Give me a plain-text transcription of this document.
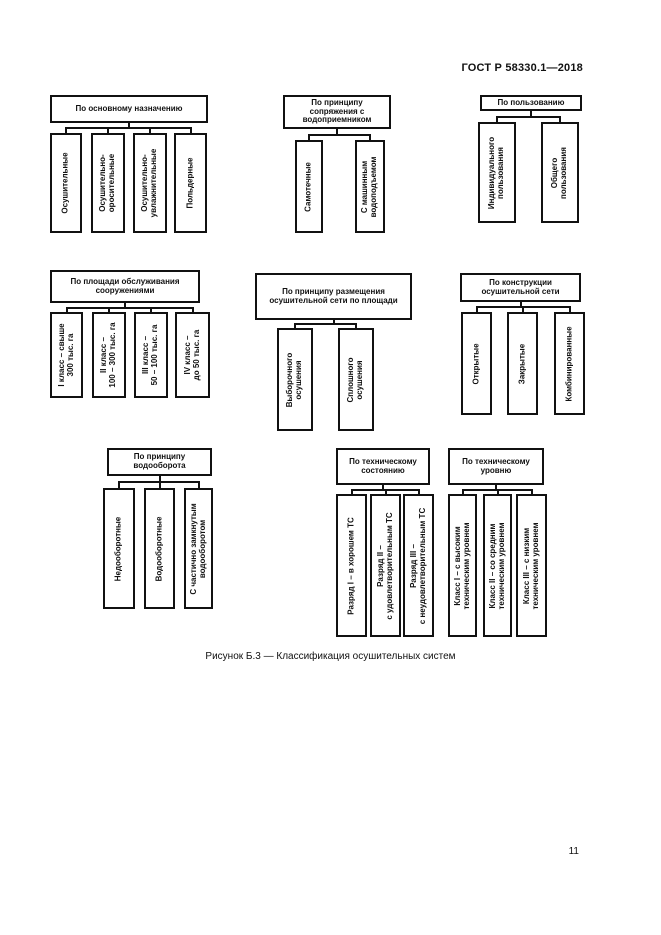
ГОСТ Р 58330.1—2018
По основному назначению
Осушительные	Осушительно- оросительные	Осушительно- увлажнительные	Польдерные
По принципу сопряжения с водоприемником
Самотечные	С машинным водоподъемом
По пользованию
Индивидуального пользования	Общего пользования
По площади обслуживания сооружениями
I класс – свыше 300 тыс. га	II класс – 100 – 300 тыс. га	III класс – 50 – 100 тыс. га	IV класс – до 50 тыс. га
По принципу размещения осушительной сети по площади
Выборочного осушения	Сплошного осушения
По конструкции осушительной сети
Открытые	Закрытые	Комбинированные
По принципу водооборота
Недооборотные	Водооборотные	С частично замкнутым водооборотом
По техническому состоянию
Разряд I – в хорошем ТС	Разряд II – с удовлетворительным ТС Разряд III – с неудовлетворительным ТС
По техническому уровню
Класс I – с высоким техническим уровнем Класс II – со средним техническим уровнем Класс III – с низким техническим уровнем
Рисунок Б.3 — Классификация осушительных систем
11
